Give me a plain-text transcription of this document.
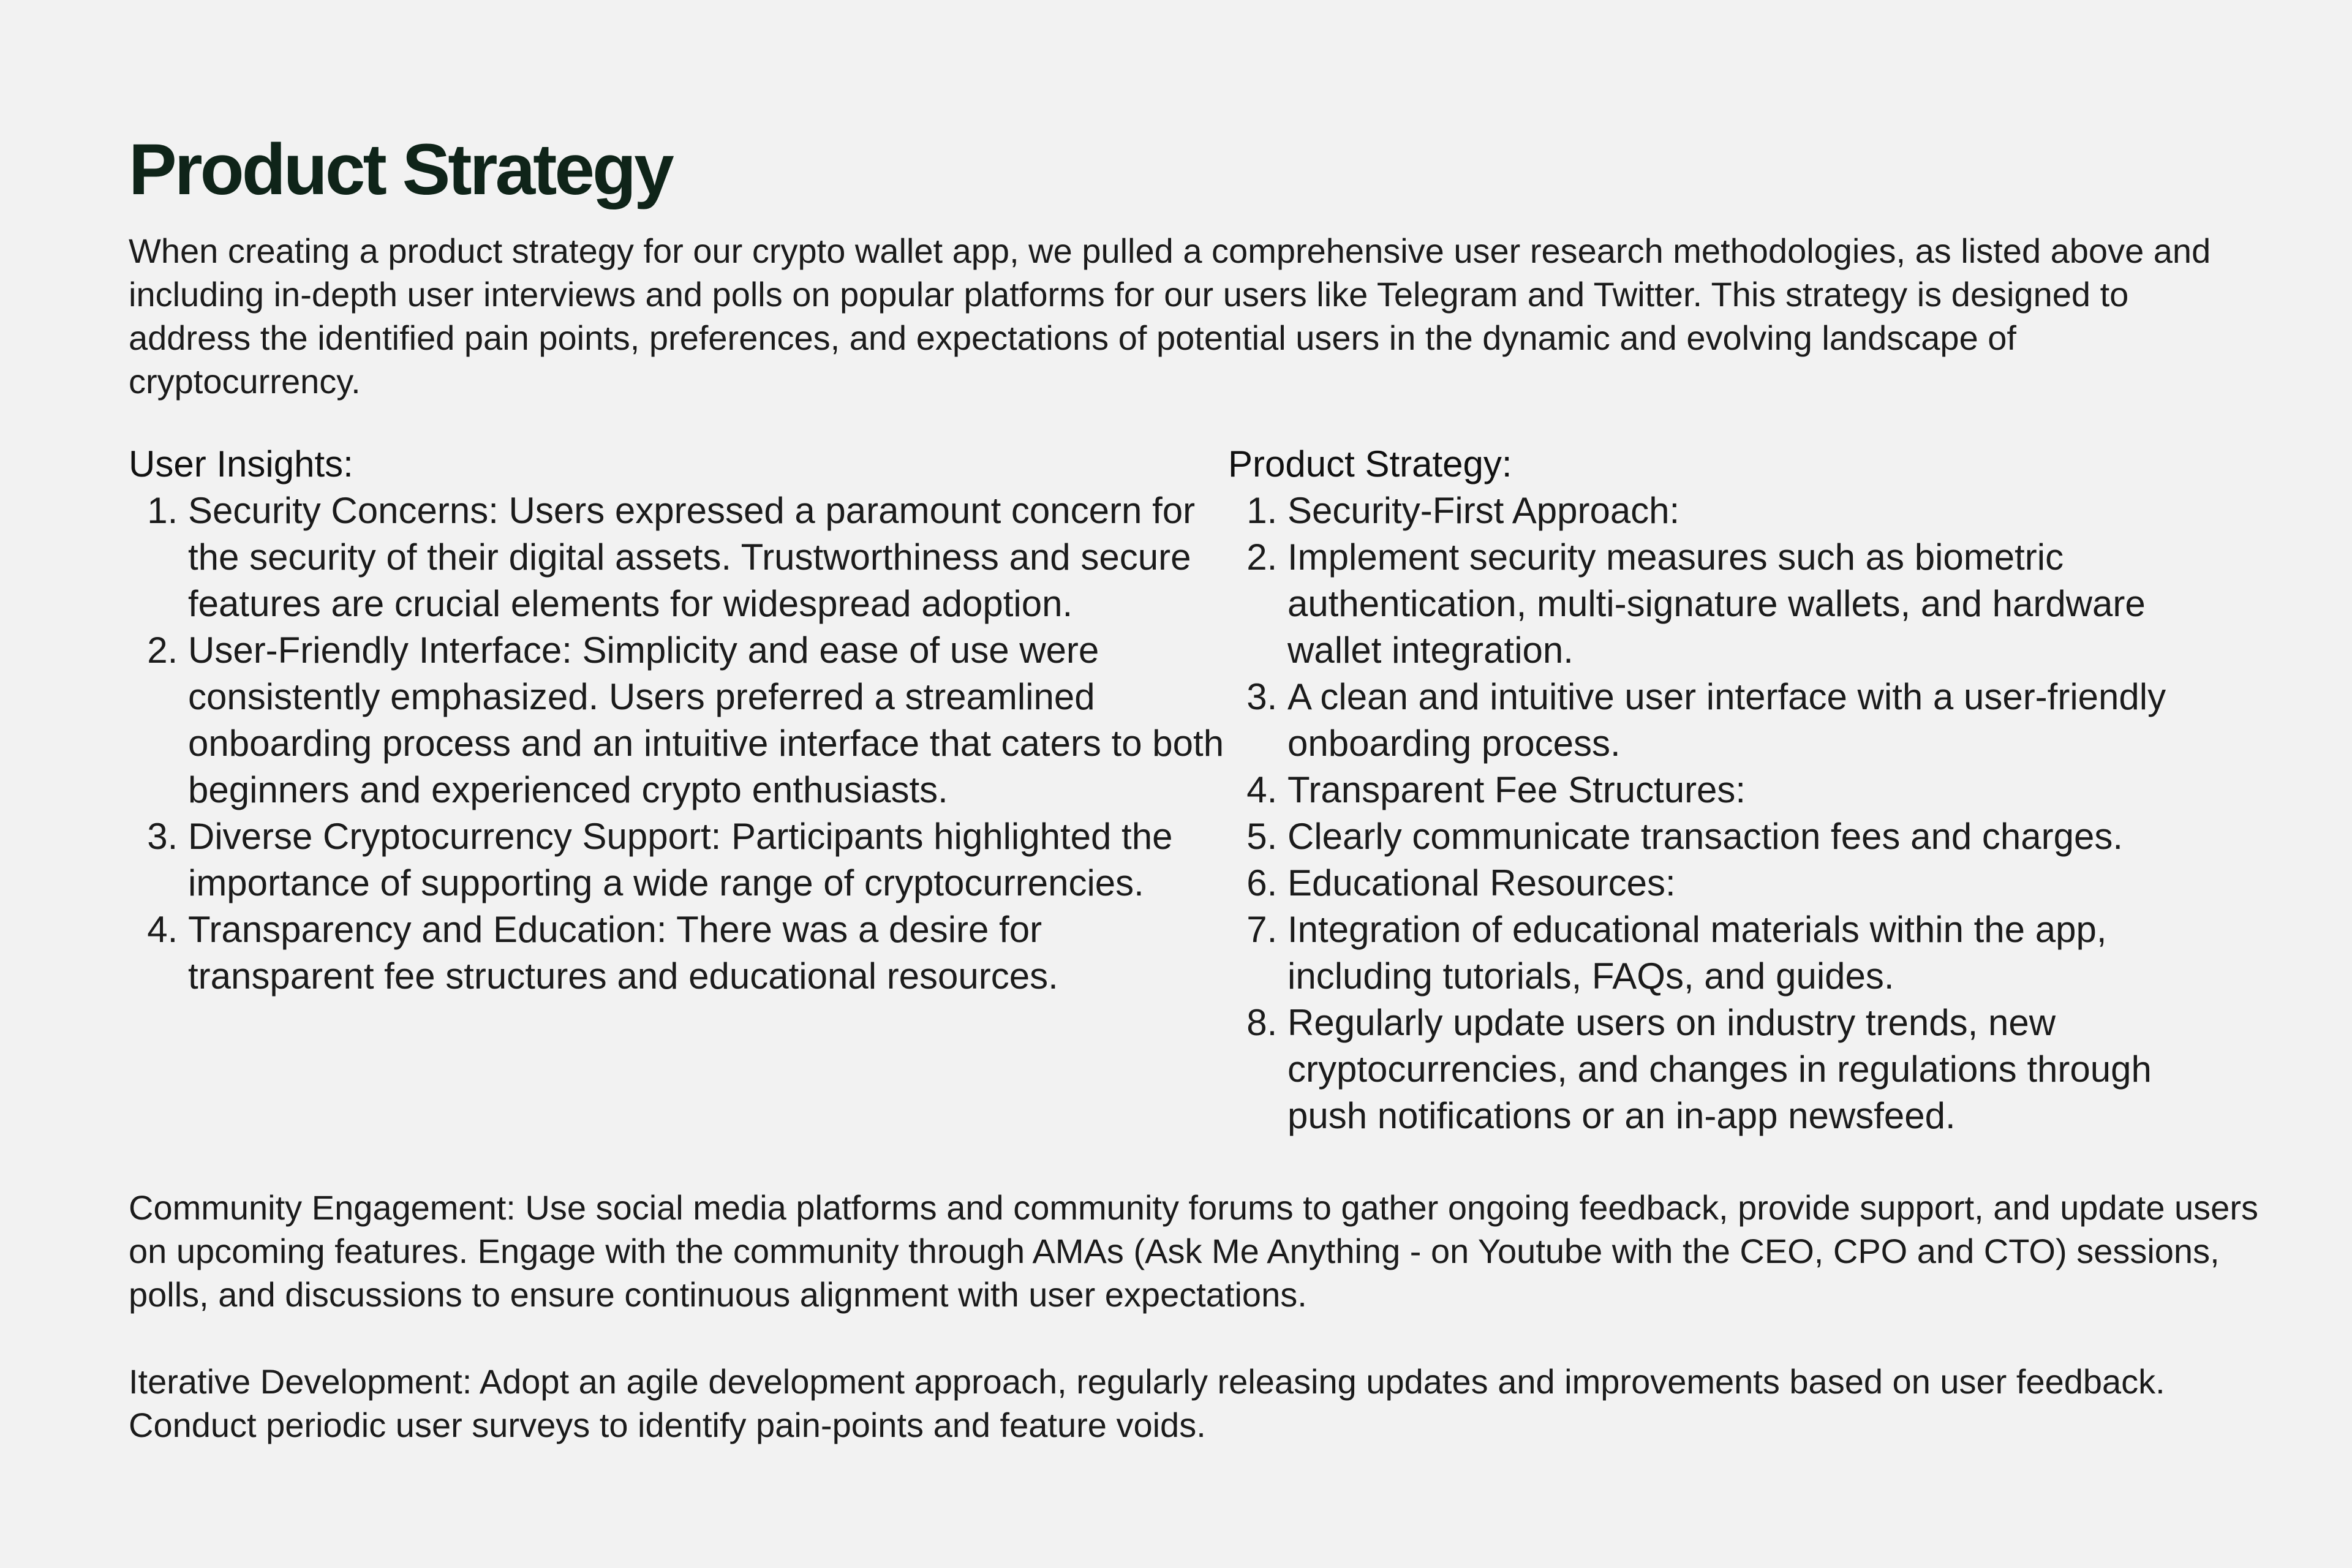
Product Strategy

When creating a product strategy for our crypto wallet app, we pulled a comprehensive user research methodologies, as listed above and including in-depth user interviews and polls on popular platforms for our users like Telegram and Twitter. This strategy is designed to address the identified pain points, preferences, and expectations of potential users in the dynamic and evolving landscape of cryptocurrency.

User Insights:
1. Security Concerns: Users expressed a paramount concern for the security of their digital assets. Trustworthiness and secure features are crucial elements for widespread adoption.
2. User-Friendly Interface: Simplicity and ease of use were consistently emphasized. Users preferred a streamlined onboarding process and an intuitive interface that caters to both beginners and experienced crypto enthusiasts.
3. Diverse Cryptocurrency Support: Participants highlighted the importance of supporting a wide range of cryptocurrencies.
4. Transparency and Education: There was a desire for transparent fee structures and educational resources.
Product Strategy:
1. Security-First Approach:
2. Implement security measures such as biometric authentication, multi-signature wallets, and hardware wallet integration.
3. A clean and intuitive user interface with a user-friendly onboarding process.
4. Transparent Fee Structures:
5. Clearly communicate transaction fees and charges.
6. Educational Resources:
7. Integration of educational materials within the app, including tutorials, FAQs, and guides.
8. Regularly update users on industry trends, new cryptocurrencies, and changes in regulations through push notifications or an in-app newsfeed.

Community Engagement: Use social media platforms and community forums to gather ongoing feedback, provide support, and update users on upcoming features. Engage with the community through AMAs (Ask Me Anything - on Youtube with the CEO, CPO and CTO) sessions, polls, and discussions to ensure continuous alignment with user expectations.

Iterative Development: Adopt an agile development approach, regularly releasing updates and improvements based on user feedback. Conduct periodic user surveys to identify pain-points and feature voids.
